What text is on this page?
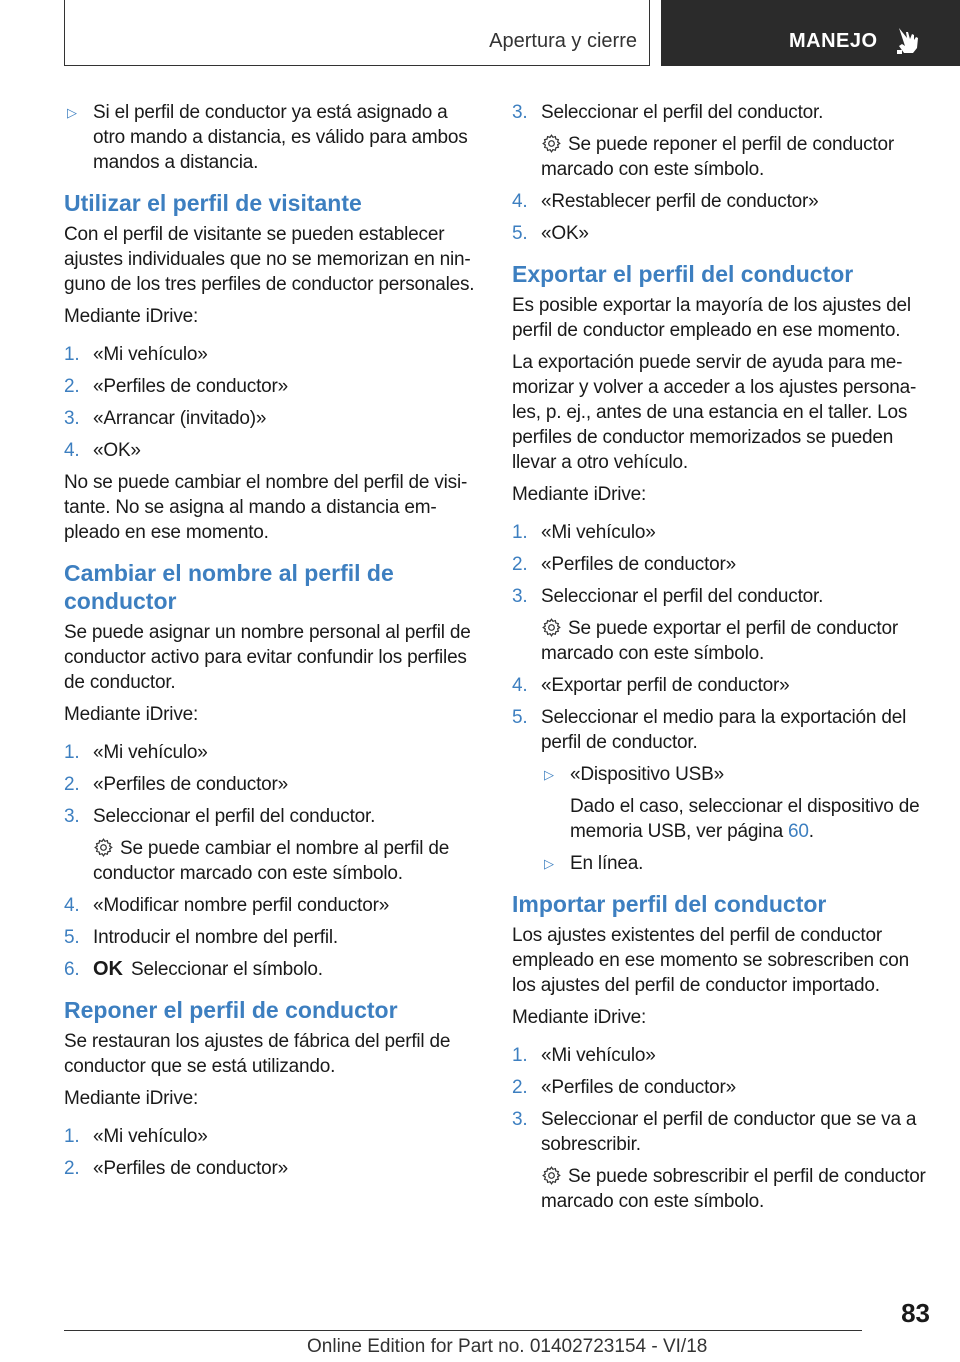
Apertura y cierre	MANEJO
▷ Si el perfil de conductor ya está asignado a otro mando a distancia, es válido para ambos mandos a distancia.
Utilizar el perfil de visitante

Con el perfil de visitante se pueden establecer ajustes individuales que no se memorizan en ninguno de los tres perfiles de conductor personales.

Mediante iDrive:

1. «Mi vehículo»
2. «Perfiles de conductor»
3. «Arrancar (invitado)»
4. «OK»

No se puede cambiar el nombre del perfil de visitante. No se asigna al mando a distancia empleado en ese momento.

Cambiar el nombre al perfil de conductor

Se puede asignar un nombre personal al perfil de conductor activo para evitar confundir los perfiles de conductor.

Mediante iDrive:

1. «Mi vehículo»
2. «Perfiles de conductor»
3. Seleccionar el perfil del conductor.
Se puede cambiar el nombre al perfil de conductor marcado con este símbolo.
4. «Modificar nombre perfil conductor»
5. Introducir el nombre del perfil.
6. OK Seleccionar el símbolo.
Reponer el perfil de conductor

Se restauran los ajustes de fábrica del perfil de conductor que se está utilizando.

Mediante iDrive:

1. «Mi vehículo»
2. «Perfiles de conductor»
3. Seleccionar el perfil del conductor.
Se puede reponer el perfil de conductor marcado con este símbolo.
4. «Restablecer perfil de conductor»
5. «OK»
Exportar el perfil del conductor

Es posible exportar la mayoría de los ajustes del perfil de conductor empleado en ese momento.

La exportación puede servir de ayuda para memorizar y volver a acceder a los ajustes personales, p. ej., antes de una estancia en el taller. Los perfiles de conductor memorizados se pueden llevar a otro vehículo.

Mediante iDrive:

1. «Mi vehículo»
2. «Perfiles de conductor»
3. Seleccionar el perfil del conductor.
Se puede exportar el perfil de conductor marcado con este símbolo.
4. «Exportar perfil de conductor»
5. Seleccionar el medio para la exportación del perfil de conductor.
▷ «Dispositivo USB»

Dado el caso, seleccionar el dispositivo de memoria USB, ver página 60.

▷ En línea.
Importar perfil del conductor

Los ajustes existentes del perfil de conductor empleado en ese momento se sobrescriben con los ajustes del perfil de conductor importado.

Mediante iDrive:

1. «Mi vehículo»
2. «Perfiles de conductor»
3. Seleccionar el perfil de conductor que se va a sobrescribir.
Se puede sobrescribir el perfil de conductor marcado con este símbolo.
83
Online Edition for Part no. 01402723154 - VI/18
